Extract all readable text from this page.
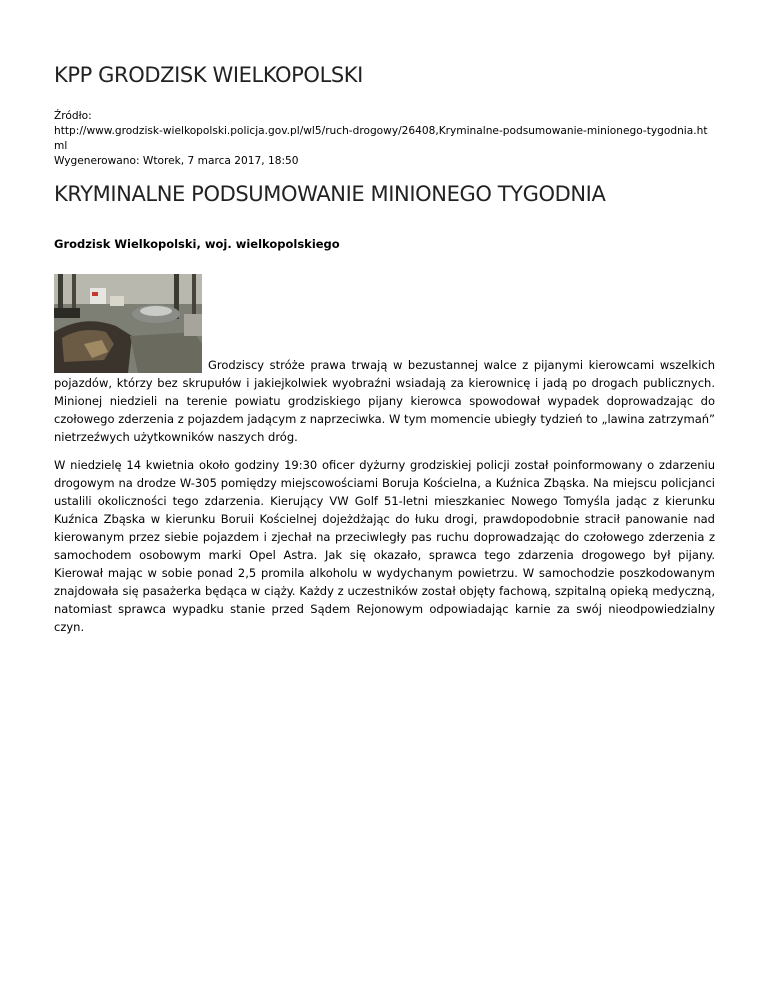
KPP GRODZISK WIELKOPOLSKI
Źródło:
http://www.grodzisk-wielkopolski.policja.gov.pl/wl5/ruch-drogowy/26408,Kryminalne-podsumowanie-minionego-tygodnia.html
Wygenerowano: Wtorek, 7 marca 2017, 18:50
KRYMINALNE PODSUMOWANIE MINIONEGO TYGODNIA
Grodzisk Wielkopolski, woj. wielkopolskiego

Grodziscy stróże prawa trwają w bezustannej walce z pijanymi kierowcami wszelkich pojazdów, którzy bez skrupułów i jakiejkolwiek wyobraźni wsiadają za kierownicę i jadą po drogach publicznych. Minionej niedzieli na terenie powiatu grodziskiego pijany kierowca spowodował wypadek doprowadzając do czołowego zderzenia z pojazdem jadącym z naprzeciwka. W tym momencie ubiegły tydzień to „lawina zatrzymań” nietrzeźwych użytkowników naszych dróg.

W niedzielę 14 kwietnia około godziny 19:30 oficer dyżurny grodziskiej policji został poinformowany o zdarzeniu drogowym na drodze W-305 pomiędzy miejscowościami Boruja Kościelna, a Kuźnica Zbąska. Na miejscu policjanci ustalili okoliczności tego zdarzenia. Kierujący VW Golf 51-letni mieszkaniec Nowego Tomyśla jadąc z kierunku Kuźnica Zbąska w kierunku Boruii Kościelnej dojeżdżając do łuku drogi, prawdopodobnie stracił panowanie nad kierowanym przez siebie pojazdem i zjechał na przeciwległy pas ruchu doprowadzając do czołowego zderzenia z samochodem osobowym marki Opel Astra. Jak się okazało, sprawca tego zdarzenia drogowego był pijany. Kierował mając w sobie ponad 2,5 promila alkoholu w wydychanym powietrzu. W samochodzie poszkodowanym znajdowała się pasażerka będąca w ciąży. Każdy z uczestników został objęty fachową, szpitalną opieką medyczną, natomiast sprawca wypadku stanie przed Sądem Rejonowym odpowiadając karnie za swój nieodpowiedzialny czyn.
